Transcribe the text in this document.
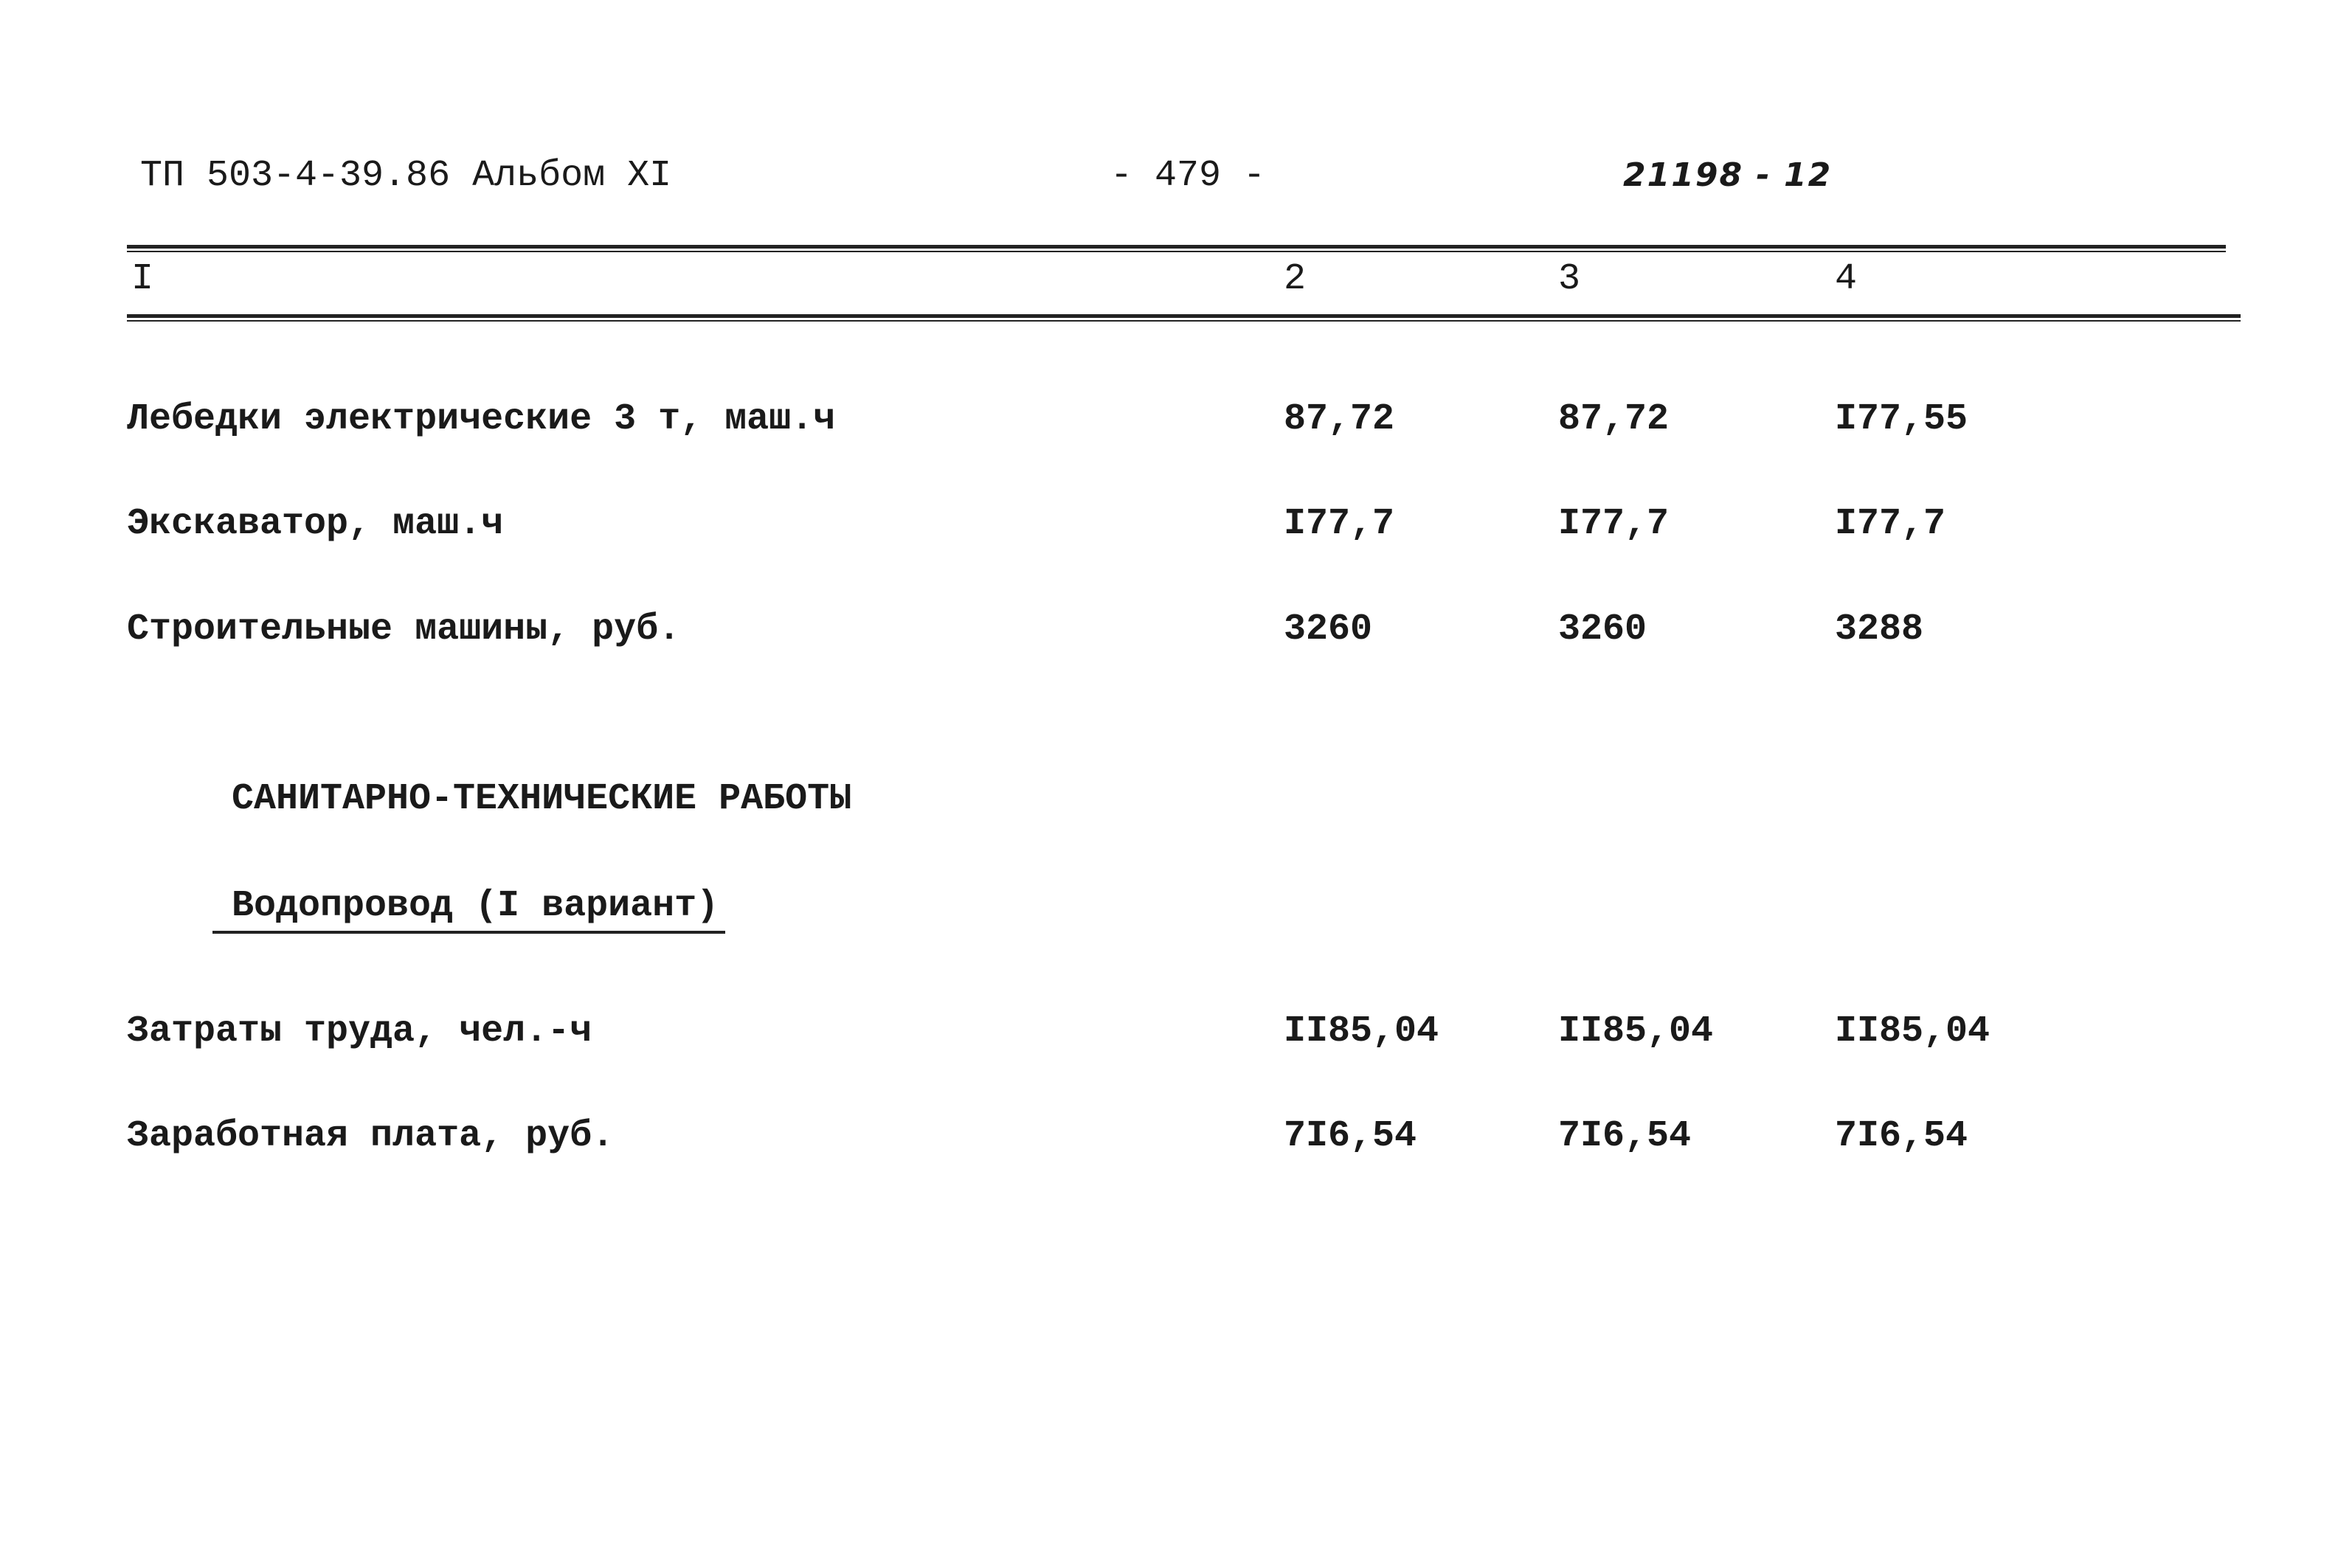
ТП 503-4-39.86 Альбом XI	- 479 -	21198 - 12
I	2	3	4
Лебедки электрические 3 т, маш.ч	87,72	87,72	I77,55
Экскаватор, маш.ч	I77,7	I77,7	I77,7
Строительные машины, руб.	3260	3260	3288
САНИТАРНО-ТЕХНИЧЕСКИЕ РАБОТЫ
Водопровод (I вариант)
Затраты труда, чел.-ч	II85,04	II85,04	II85,04
Заработная плата, руб.	7I6,54	7I6,54	7I6,54
